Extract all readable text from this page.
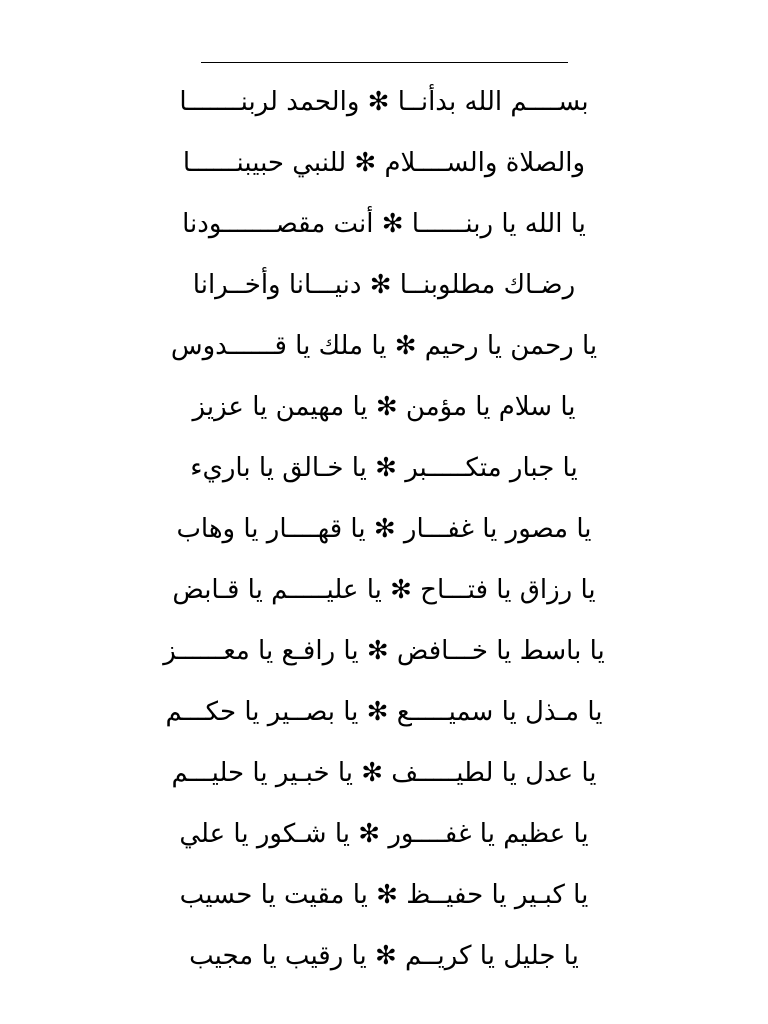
بســــم الله بدأنــا ✻ والحمد لربنـــــــا
والصلاة والســــلام ✻ للنبي حبيبنــــــا
يا الله يا ربنــــــا ✻ أنت مقصـــــــودنا
رضـاك مطلوبنــا ✻ دنيـــانا وأخــرانا
يا رحمن يا رحيم ✻ يا ملك يا قــــــدوس
يا سلام يا مؤمن ✻ يا مهيمن يا عزيز
يا جبار متكـــــبر ✻ يا خـالق يا باريء
يا مصور يا غفـــار ✻ يا قهــــار يا وهاب
يا رزاق يا فتـــاح ✻ يا عليـــــم يا قـابض
يا باسط يا خـــافض ✻ يا رافـع يا معــــــز
يا مـذل يا سميـــــع ✻ يا بصــير يا حكـــم
يا عدل يا لطيـــــف ✻ يا خبـير يا حليـــم
يا عظيم يا غفــــور ✻ يا شـكور يا علي
يا كبـير يا حفيــظ ✻ يا مقيت يا حسيب
يا جليل يا كريــم ✻ يا رقيب يا مجيب
